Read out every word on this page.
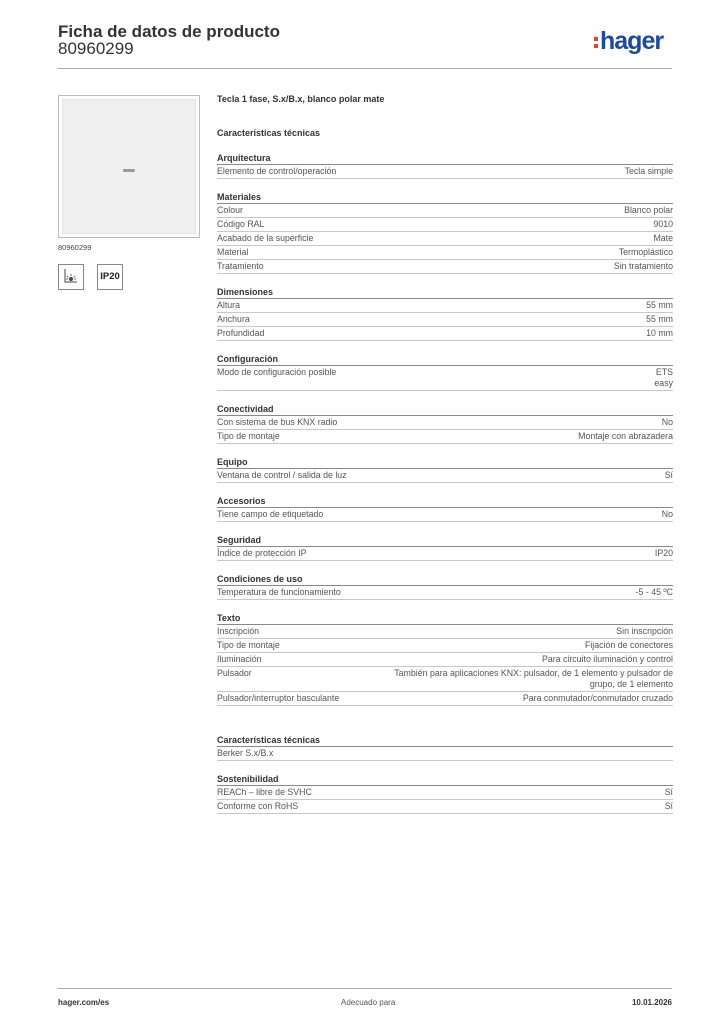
Ficha de datos de producto
80960299	hager
80960299
IP20
Tecla 1 fase, S.x/B.x, blanco polar mate
Características técnicas
Arquitectura
Elemento de control/operación	Tecla simple
Materiales
Colour	Blanco polar
Código RAL	9010
Acabado de la superficie	Mate
Material	Termoplástico
Tratamiento	Sin tratamiento
Dimensiones
Altura	55 mm
Anchura	55 mm
Profundidad	10 mm
Configuración
Modo de configuración posible	ETS
easy
Conectividad
Con sistema de bus KNX radio	No
Tipo de montaje	Montaje con abrazadera
Equipo
Ventana de control / salida de luz	Sí
Accesorios
Tiene campo de etiquetado	No
Seguridad
Índice de protección IP	IP20
Condiciones de uso
Temperatura de funcionamiento	-5 - 45 ºC
Texto
Inscripción	Sin inscripción
Tipo de montaje	Fijación de conectores
Iluminación	Para circuito iluminación y control
Pulsador	También para aplicaciones KNX: pulsador, de 1 elemento y pulsador de
grupo, de 1 elemento
Pulsador/interruptor basculante	Para conmutador/conmutador cruzado
Características técnicas
Berker S.x/B.x
Sostenibilidad
REACh – libre de SVHC	Sí
Conforme con RoHS	Sí
hager.com/es	Adecuado para	10.01.2026
